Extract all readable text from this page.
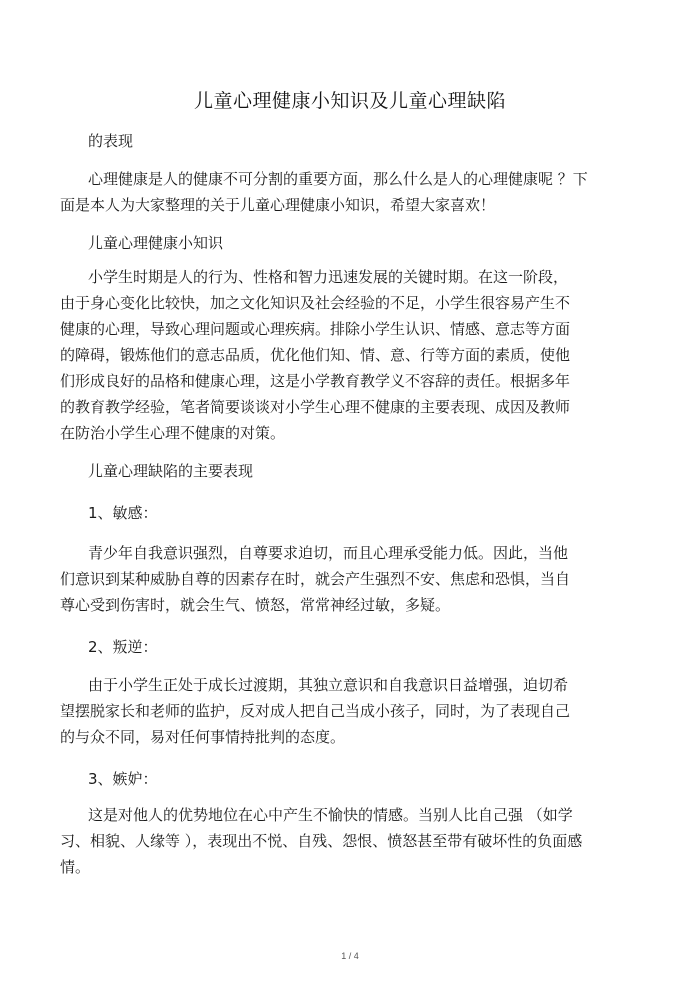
儿童心理健康小知识及儿童心理缺陷

的表现

心理健康是人的健康不可分割的重要方面，那么什么是人的心理健康呢 ？下
面是本人为大家整理的关于儿童心理健康小知识，希望大家喜欢！

儿童心理健康小知识

小学生时期是人的行为、性格和智力迅速发展的关键时期。在这一阶段，
由于身心变化比较快，加之文化知识及社会经验的不足，小学生很容易产生不
健康的心理，导致心理问题或心理疾病。排除小学生认识、情感、意志等方面
的障碍，锻炼他们的意志品质，优化他们知、情、意、行等方面的素质，使他
们形成良好的品格和健康心理，这是小学教育教学义不容辞的责任。根据多年
的教育教学经验，笔者简要谈谈对小学生心理不健康的主要表现、成因及教师
在防治小学生心理不健康的对策。

儿童心理缺陷的主要表现

1、敏感：

青少年自我意识强烈，自尊要求迫切，而且心理承受能力低。因此，当他
们意识到某种威胁自尊的因素存在时，就会产生强烈不安、焦虑和恐惧，当自
尊心受到伤害时，就会生气、愤怒，常常神经过敏，多疑。

2、叛逆：

由于小学生正处于成长过渡期，其独立意识和自我意识日益增强，迫切希
望摆脱家长和老师的监护，反对成人把自己当成小孩子，同时，为了表现自己
的与众不同，易对任何事情持批判的态度。

3、嫉妒：

这是对他人的优势地位在心中产生不愉快的情感。当别人比自己强 （如学
习、相貌、人缘等 ），表现出不悦、自残、怨恨、愤怒甚至带有破坏性的负面感
情。

1 / 4
